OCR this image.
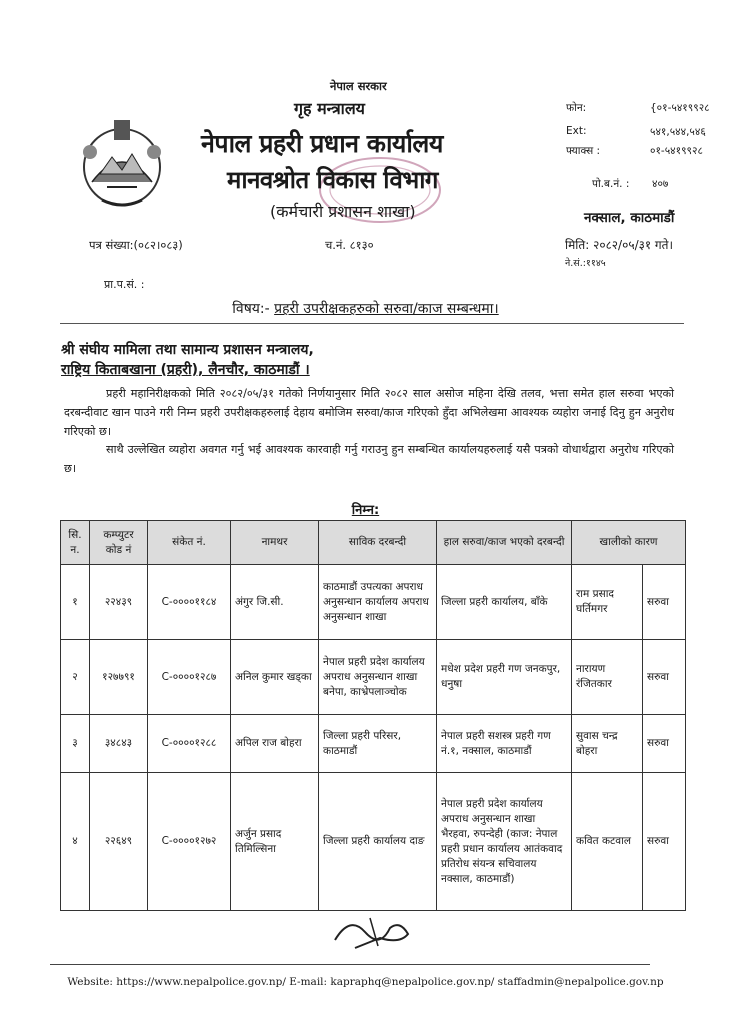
नेपाल सरकार
गृह मन्त्रालय
नेपाल प्रहरी प्रधान कार्यालय
मानवश्रोत विकास विभाग
(कर्मचारी प्रशासन शाखा)
फोन:	{०१-५४१९९२८
Ext:	५४१,५४४,५४६
फ्याक्स :	०१-५४१९९२८
पो.ब.नं. :	४०७
नक्साल, काठमाडौं
मिति: २०८२/०५/३१ गते।
ने.सं.:११४५
पत्र संख्या:(०८२।०८३)	च.नं. ८१३०
प्रा.प.सं. :
विषय:- प्रहरी उपरीक्षकहरुको सरुवा/काज सम्बन्धमा।
श्री संघीय मामिला तथा सामान्य प्रशासन मन्त्रालय,
राष्ट्रिय किताबखाना (प्रहरी), लैनचौर, काठमाडौं ।
प्रहरी महानिरीक्षकको मिति २०८२/०५/३१ गतेको निर्णयानुसार मिति २०८२ साल असोज महिना देखि तलव, भत्ता समेत हाल सरुवा भएको दरबन्दीवाट खान पाउने गरी निम्न प्रहरी उपरीक्षकहरुलाई देहाय बमोजिम सरुवा/काज गरिएको हुँदा अभिलेखमा आवश्यक व्यहोरा जनाई दिनु हुन अनुरोध गरिएको छ।
साथै उल्लेखित व्यहोरा अवगत गर्नु भई आवश्यक कारवाही गर्नु गराउनु हुन सम्बन्धित कार्यालयहरुलाई यसै पत्रको वोधार्थद्वारा अनुरोध गरिएको छ।
निम्न:
सि. न.	कम्प्युटर कोड नं	संकेत नं.	नामथर	साविक दरबन्दी	हाल सरुवा/काज भएको दरबन्दी	खालीको कारण	
१	२२४३९	C-००००११८४	अंगुर जि.सी.	काठमाडौं उपत्यका अपराध अनुसन्धान कार्यालय अपराध अनुसन्धान शाखा	जिल्ला प्रहरी कार्यालय, बाँके	राम प्रसाद घर्तिमगर	सरुवा
२	१२७७९१	C-००००१२८७	अनिल कुमार खड्का	नेपाल प्रहरी प्रदेश कार्यालय अपराध अनुसन्धान शाखा बनेपा, काभ्रेपलाञ्चोक	मधेश प्रदेश प्रहरी गण जनकपुर, धनुषा	नारायण रंजितकार	सरुवा
३	३४८४३	C-००००१२८८	अपिल राज बोहरा	जिल्ला प्रहरी परिसर, काठमाडौं	नेपाल प्रहरी सशस्त्र प्रहरी गण नं.१, नक्साल, काठमाडौं	सुवास चन्द्र बोहरा	सरुवा
४	२२६४९	C-००००१२७२	अर्जुन प्रसाद तिमिल्सिना	जिल्ला प्रहरी कार्यालय दाङ	नेपाल प्रहरी प्रदेश कार्यालय अपराध अनुसन्धान शाखा भैरहवा, रुपन्देही (काज: नेपाल प्रहरी प्रधान कार्यालय आतंकवाद प्रतिरोध संयन्त्र सचिवालय नक्साल, काठमाडौं)	कवित कटवाल	सरुवा
Website: https://www.nepalpolice.gov.np/ E-mail: kapraphq@nepalpolice.gov.np/ staffadmin@nepalpolice.gov.np
